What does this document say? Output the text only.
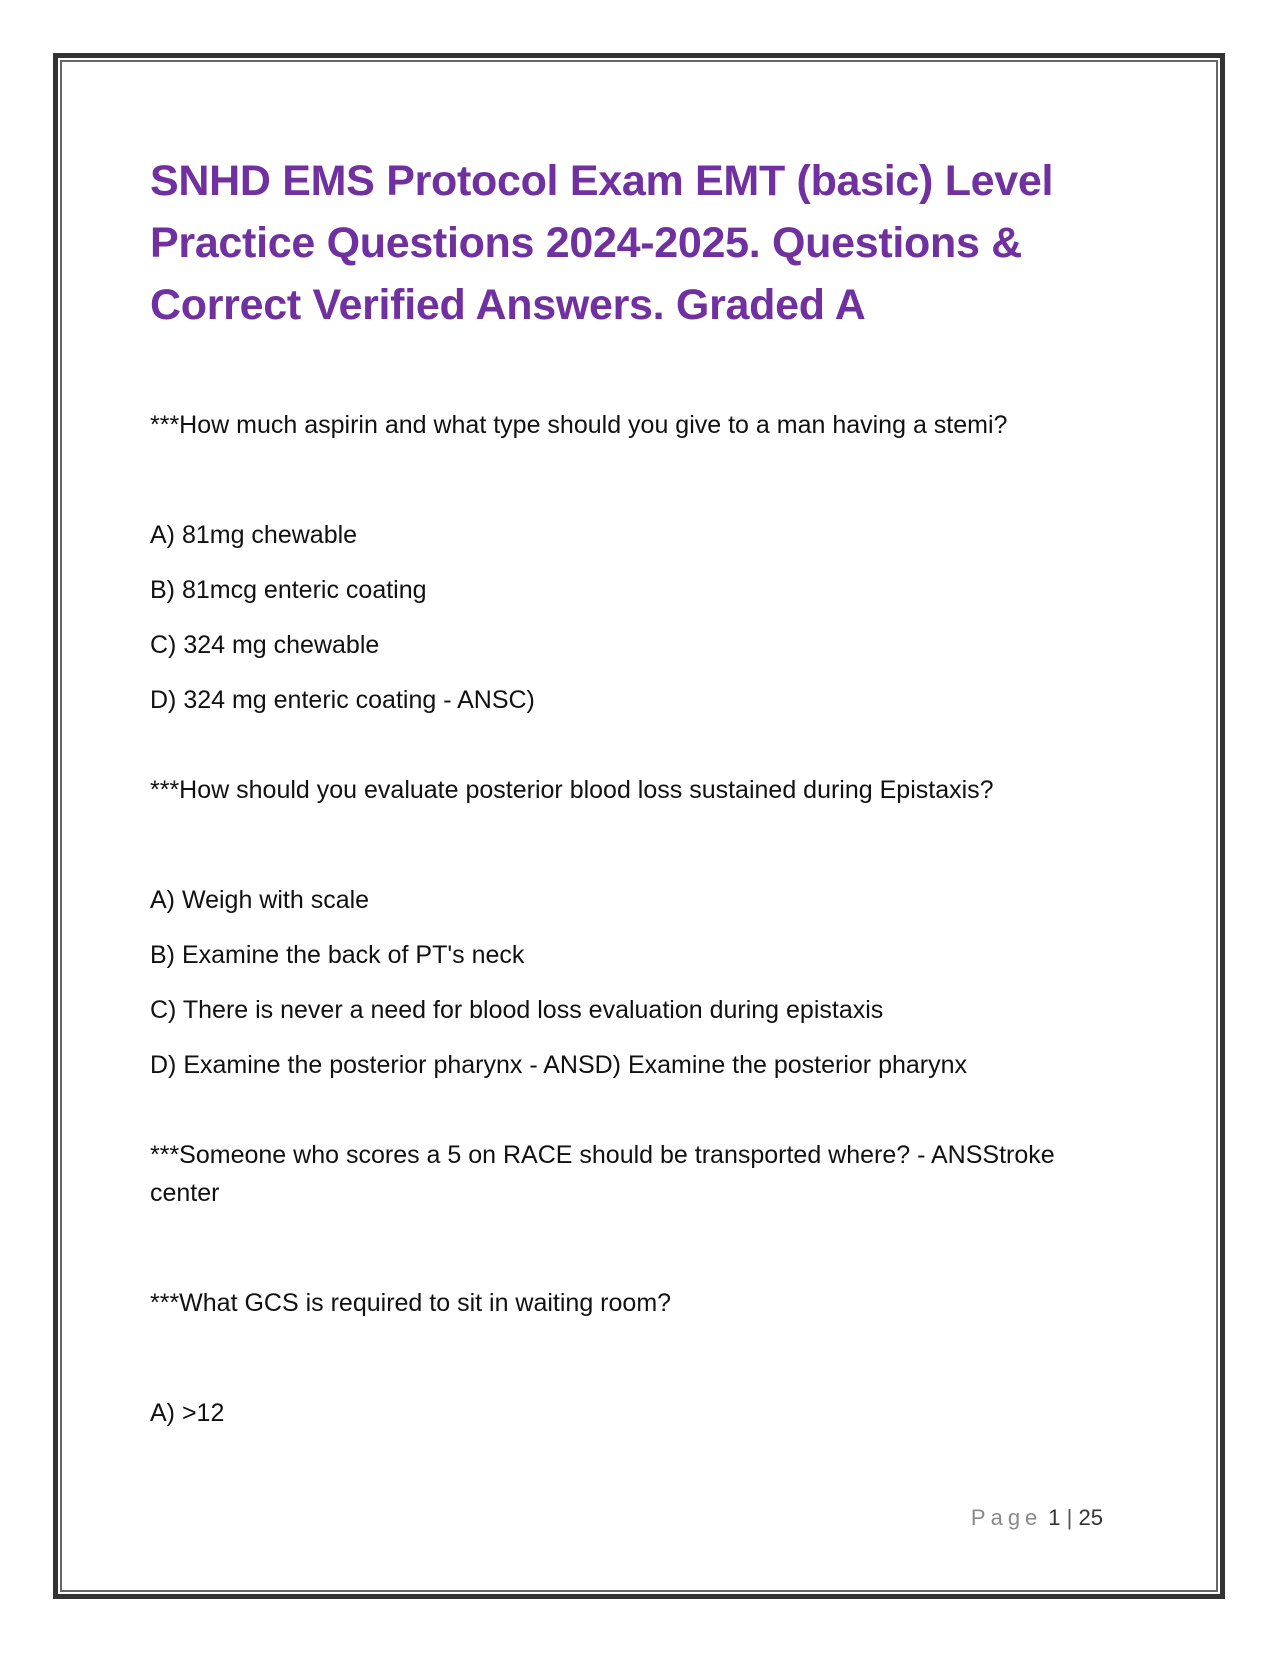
SNHD EMS Protocol Exam EMT (basic) Level Practice Questions 2024-2025. Questions & Correct Verified Answers. Graded A

***How much aspirin and what type should you give to a man having a stemi?

A) 81mg chewable
B) 81mcg enteric coating
C) 324 mg chewable
D) 324 mg enteric coating - ANSC)

***How should you evaluate posterior blood loss sustained during Epistaxis?

A) Weigh with scale
B) Examine the back of PT's neck
C) There is never a need for blood loss evaluation during epistaxis
D) Examine the posterior pharynx - ANSD) Examine the posterior pharynx

***Someone who scores a 5 on RACE should be transported where? - ANSStroke center

***What GCS is required to sit in waiting room?

A) >12
Page 1 | 25
